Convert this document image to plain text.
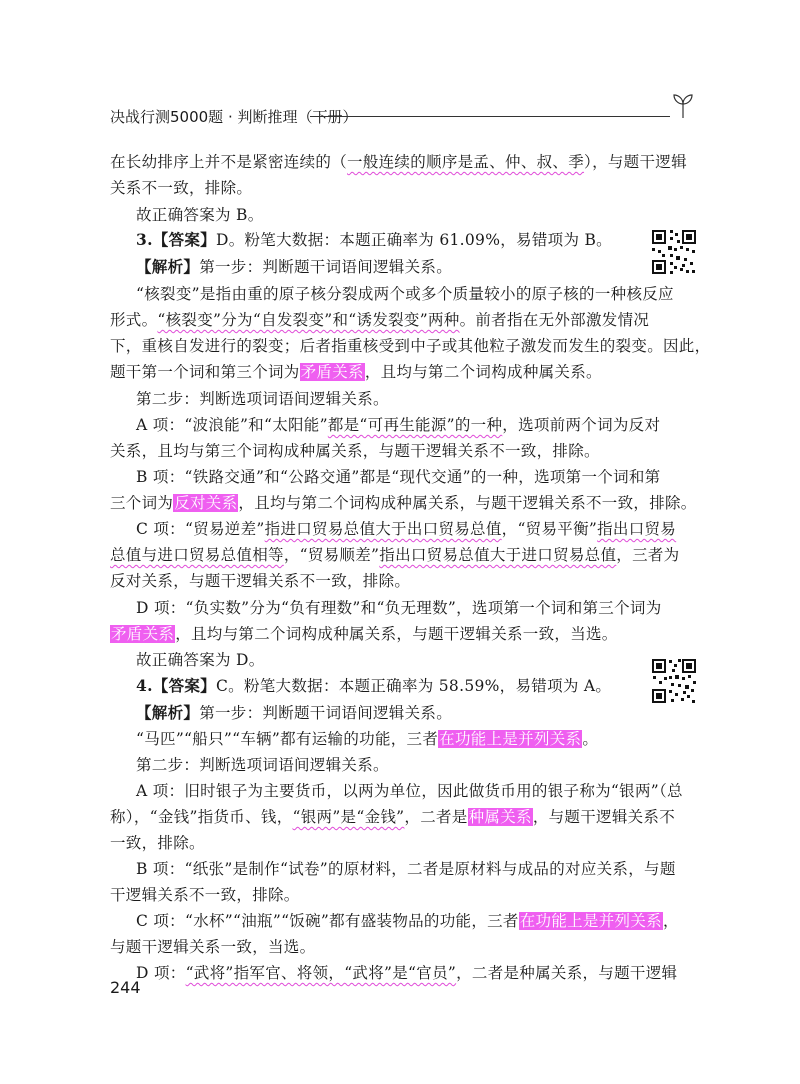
决战行测5000题 · 判断推理（下册）
在长幼排序上并不是紧密连续的（一般连续的顺序是孟、仲、叔、季），与题干逻辑
关系不一致，排除。
故正确答案为 B。
3.【答案】D。粉笔大数据：本题正确率为 61.09%，易错项为 B。
【解析】第一步：判断题干词语间逻辑关系。
“核裂变”是指由重的原子核分裂成两个或多个质量较小的原子核的一种核反应
形式。“核裂变”分为“自发裂变”和“诱发裂变”两种。前者指在无外部激发情况
下，重核自发进行的裂变；后者指重核受到中子或其他粒子激发而发生的裂变。因此，
题干第一个词和第三个词为矛盾关系，且均与第二个词构成种属关系。
第二步：判断选项词语间逻辑关系。
A 项：“波浪能”和“太阳能”都是“可再生能源”的一种，选项前两个词为反对
关系，且均与第三个词构成种属关系，与题干逻辑关系不一致，排除。
B 项：“铁路交通”和“公路交通”都是“现代交通”的一种，选项第一个词和第
三个词为反对关系，且均与第二个词构成种属关系，与题干逻辑关系不一致，排除。
C 项：“贸易逆差”指进口贸易总值大于出口贸易总值，“贸易平衡”指出口贸易
总值与进口贸易总值相等，“贸易顺差”指出口贸易总值大于进口贸易总值，三者为
反对关系，与题干逻辑关系不一致，排除。
D 项：“负实数”分为“负有理数”和“负无理数”，选项第一个词和第三个词为
矛盾关系，且均与第二个词构成种属关系，与题干逻辑关系一致，当选。
故正确答案为 D。
4.【答案】C。粉笔大数据：本题正确率为 58.59%，易错项为 A。
【解析】第一步：判断题干词语间逻辑关系。
“马匹”“船只”“车辆”都有运输的功能，三者在功能上是并列关系。
第二步：判断选项词语间逻辑关系。
A 项：旧时银子为主要货币，以两为单位，因此做货币用的银子称为“银两”（总
称），“金钱”指货币、钱，“银两”是“金钱”，二者是种属关系，与题干逻辑关系不
一致，排除。
B 项：“纸张”是制作“试卷”的原材料，二者是原材料与成品的对应关系，与题
干逻辑关系不一致，排除。
C 项：“水杯”“油瓶”“饭碗”都有盛装物品的功能，三者在功能上是并列关系，
与题干逻辑关系一致，当选。
D 项：“武将”指军官、将领，“武将”是“官员”，二者是种属关系，与题干逻辑
244
